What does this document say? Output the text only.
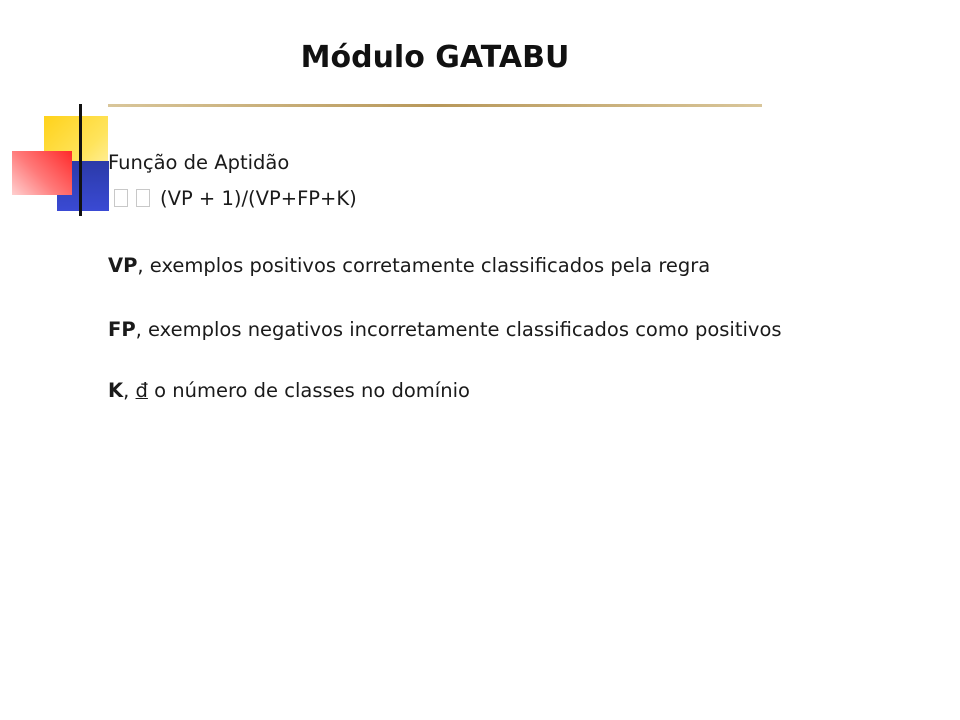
Módulo GATABU
Função de Aptidão
(VP + 1)/(VP+FP+K)
VP, exemplos positivos corretamente classificados pela regra
FP, exemplos negativos incorretamente classificados como positivos
K, đ o número de classes no domínio
